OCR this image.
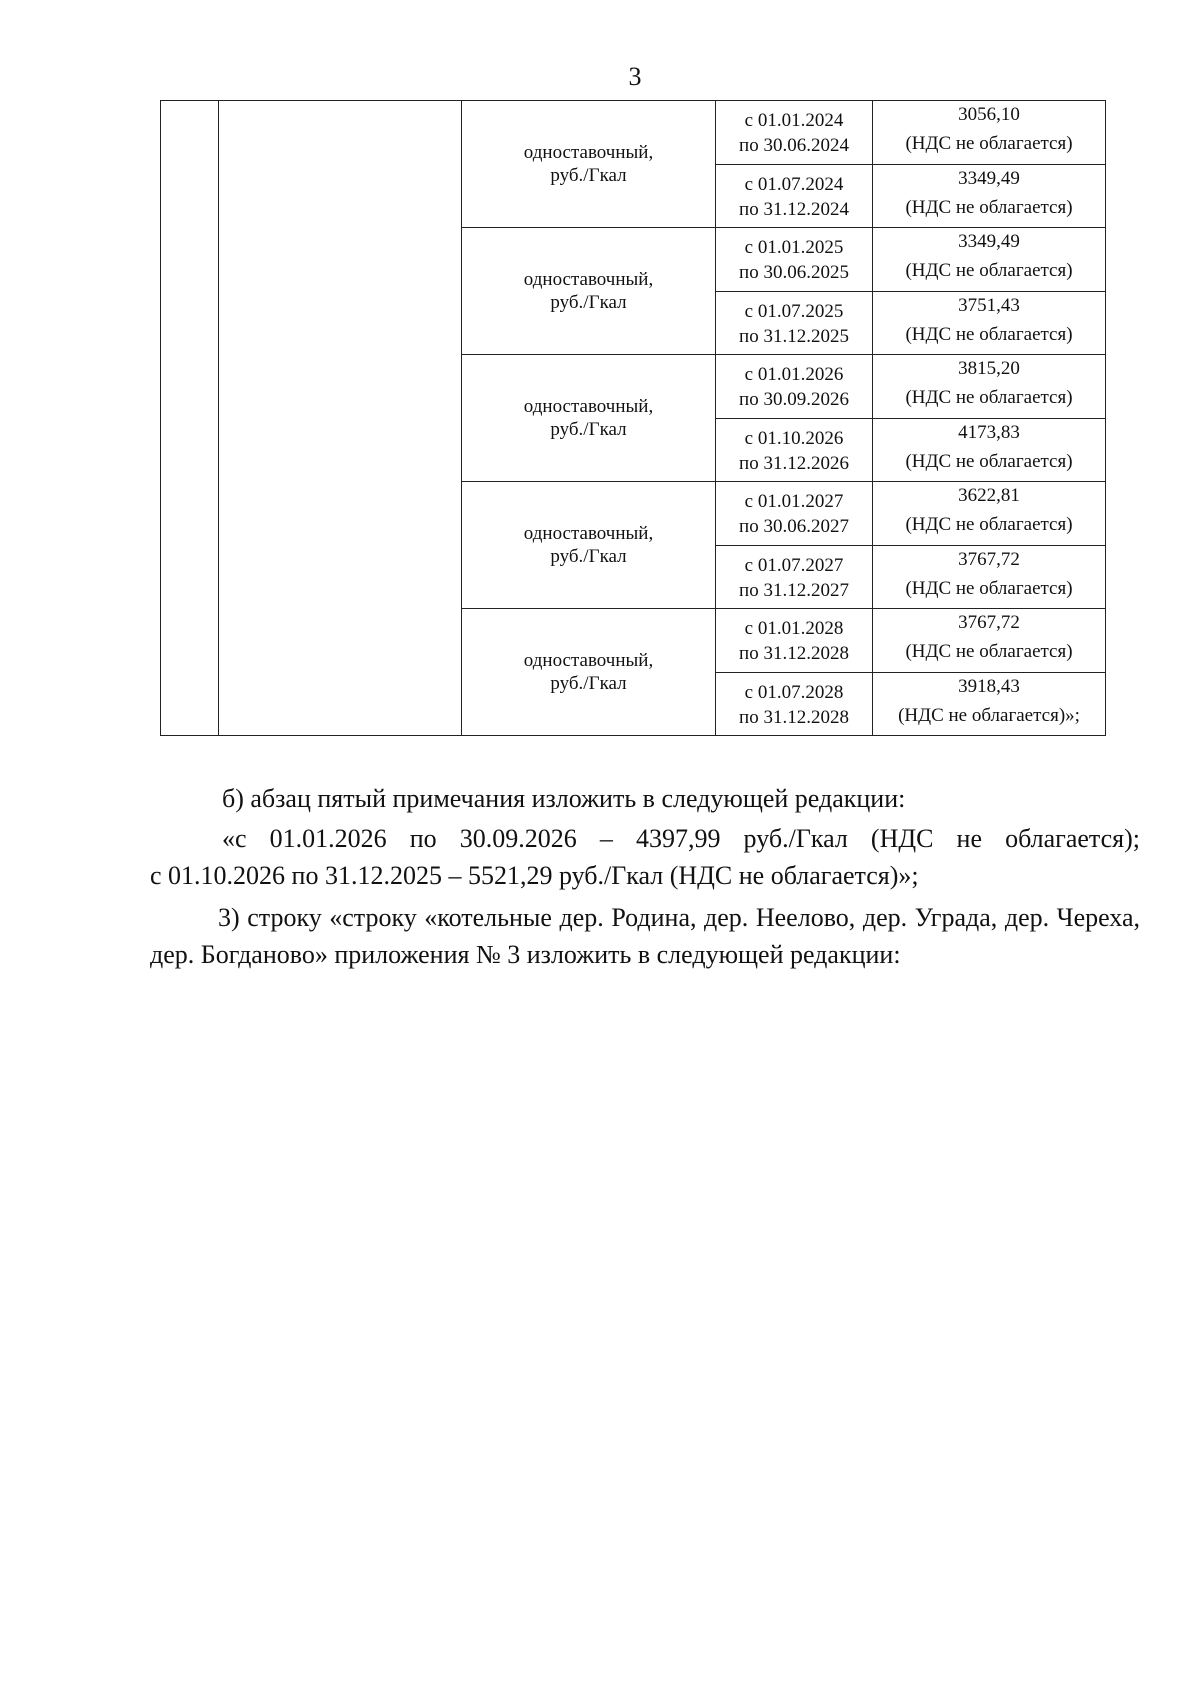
3

		одноставочный,
руб./Гкал	с 01.01.2024
по 30.06.2024	3056,10
(НДС не облагается)

			с 01.07.2024
по 31.12.2024	3349,49
(НДС не облагается)

		одноставочный,
руб./Гкал	с 01.01.2025
по 30.06.2025	3349,49
(НДС не облагается)

			с 01.07.2025
по 31.12.2025	3751,43
(НДС не облагается)

		одноставочный,
руб./Гкал	с 01.01.2026
по 30.09.2026	3815,20
(НДС не облагается)

			с 01.10.2026
по 31.12.2026	4173,83
(НДС не облагается)

		одноставочный,
руб./Гкал	с 01.01.2027
по 30.06.2027	3622,81
(НДС не облагается)

			с 01.07.2027
по 31.12.2027	3767,72
(НДС не облагается)

		одноставочный,
руб./Гкал	с 01.01.2028
по 31.12.2028	3767,72
(НДС не облагается)

			с 01.07.2028
по 31.12.2028	3918,43
(НДС не облагается)»;
б) абзац пятый примечания изложить в следующей редакции:
«с 01.01.2026 по 30.09.2026 – 4397,99 руб./Гкал (НДС не облагается);
с 01.10.2026 по 31.12.2025 – 5521,29 руб./Гкал (НДС не облагается)»;
3) строку «строку «котельные дер. Родина, дер. Неелово, дер. Уграда, дер. Череха, дер. Богданово» приложения № 3 изложить в следующей редакции:
